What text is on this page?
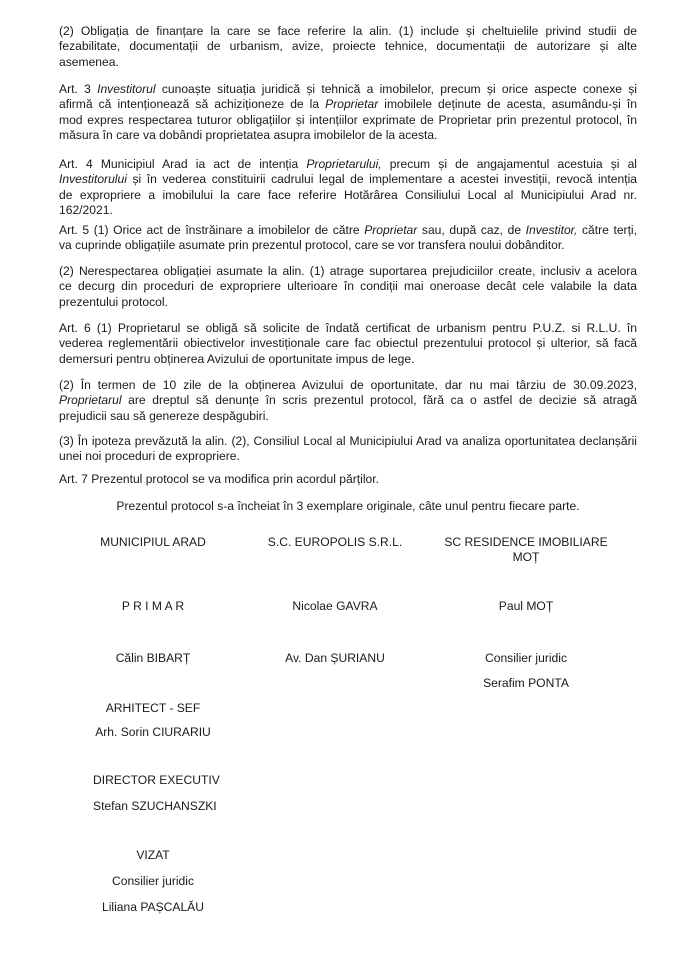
(2) Obligația de finanțare la care se face referire la alin. (1) include și cheltuielile privind studii de
fezabilitate, documentații de urbanism, avize, proiecte tehnice, documentații de autorizare și alte
asemenea.
Art. 3 Investitorul cunoaște situația juridică și tehnică a imobilelor, precum și orice aspecte conexe și
afirmă că intenționează să achiziționeze de la Proprietar imobilele deținute de acesta, asumându-și în
mod expres respectarea tuturor obligațiilor și intențiilor exprimate de Proprietar prin prezentul protocol, în
măsura în care va dobândi proprietatea asupra imobilelor de la acesta.
Art. 4 Municipiul Arad ia act de intenția Proprietarului, precum și de angajamentul acestuia și al
Investitorului și în vederea constituirii cadrului legal de implementare a acestei investiții, revocă intenția
de expropriere a imobilului la care face referire Hotărârea Consiliului Local al Municipiului Arad nr.
162/2021.
Art. 5 (1) Orice act de înstrăinare a imobilelor de către Proprietar sau, după caz, de Investitor, către terți,
va cuprinde obligațiile asumate prin prezentul protocol, care se vor transfera noului dobânditor.
(2) Nerespectarea obligației asumate la alin. (1) atrage suportarea prejudiciilor create, inclusiv a acelora
ce decurg din proceduri de expropriere ulterioare în condiții mai oneroase decât cele valabile la data
prezentului protocol.
Art. 6 (1) Proprietarul se obligă să solicite de îndată certificat de urbanism pentru P.U.Z. si R.L.U. în
vederea reglementării obiectivelor investiționale care fac obiectul prezentului protocol și ulterior, să facă
demersuri pentru obținerea Avizului de oportunitate impus de lege.
(2) În termen de 10 zile de la obținerea Avizului de oportunitate, dar nu mai târziu de 30.09.2023,
Proprietarul are dreptul să denunțe în scris prezentul protocol, fără ca o astfel de decizie să atragă
prejudicii sau să genereze despăgubiri.
(3) În ipoteza prevăzută la alin. (2), Consiliul Local al Municipiului Arad va analiza oportunitatea declanșării
unei noi proceduri de expropriere.
Art. 7 Prezentul protocol se va modifica prin acordul părților.
Prezentul protocol s-a încheiat în 3 exemplare originale, câte unul pentru fiecare parte.
MUNICIPIUL ARAD	S.C. EUROPOLIS S.R.L.	SC RESIDENCE IMOBILIARE
MOȚ
P R I M A R	Nicolae GAVRA	Paul MOȚ
Călin BIBARȚ	Av. Dan ȘURIANU	Consilier juridic
Serafim PONTA
ARHITECT - SEF
Arh. Sorin CIURARIU
DIRECTOR EXECUTIV
Stefan SZUCHANSZKI
VIZAT
Consilier juridic
Liliana PAȘCALĂU
